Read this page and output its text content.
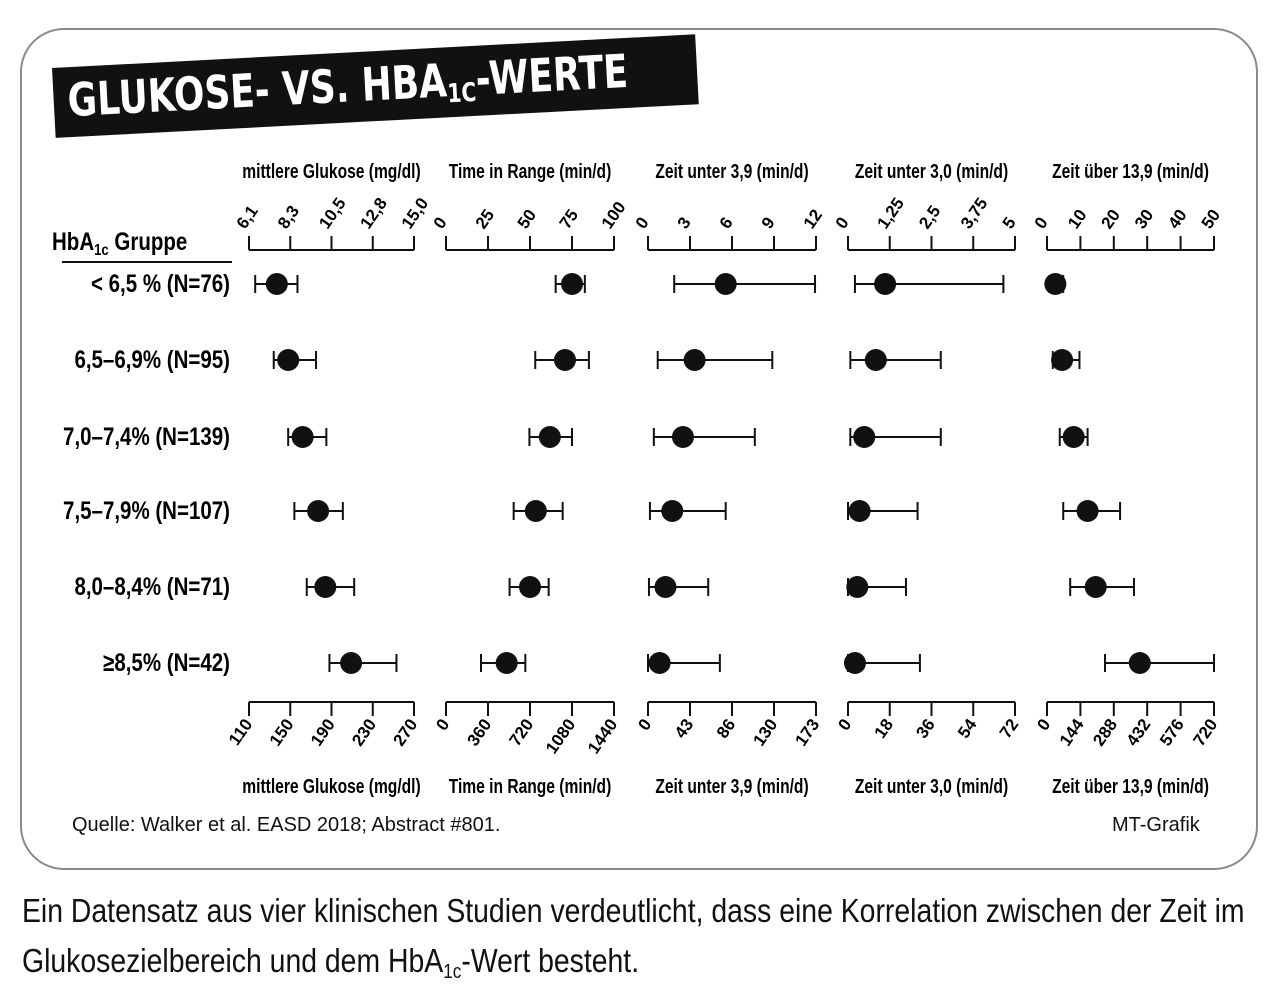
GLUKOSE- VS. $HBA_{1C}$-WERTE
HbA$_{1c}$ Gruppe
< 6,5 % (N=76)
6,5–6,9% (N=95)
7,0–7,4% (N=139)
7,5–7,9% (N=107)
8,0–8,4% (N=71)
≥8,5% (N=42)
mittlere Glukose (mg/dl)
mittlere Glukose (mg/dl)
6,1 8,3 10,5 12,8 15,0
110 150 190 230 270
Time in Range (min/d)
Time in Range (min/d)
0 25 50 75 100
0 360 720 1080 1440
Zeit unter 3,9 (min/d)
Zeit unter 3,9 (min/d)
0 3 6 9 12
0 43 86 130 173
Zeit unter 3,0 (min/d)
Zeit unter 3,0 (min/d)
0 1,25 2,5 3,75 5
0 18 36 54 72
Zeit über 13,9 (min/d)
Zeit über 13,9 (min/d)
0 10 20 30 40 50
0 144 288 432 576 720
Quelle: Walker et al. EASD 2018; Abstract #801.	MT-Grafik
Ein Datensatz aus vier klinischen Studien verdeutlicht, dass eine Korrelation zwischen der Zeit im Glukosezielbereich und dem HbA$_{1c}$-Wert besteht.
